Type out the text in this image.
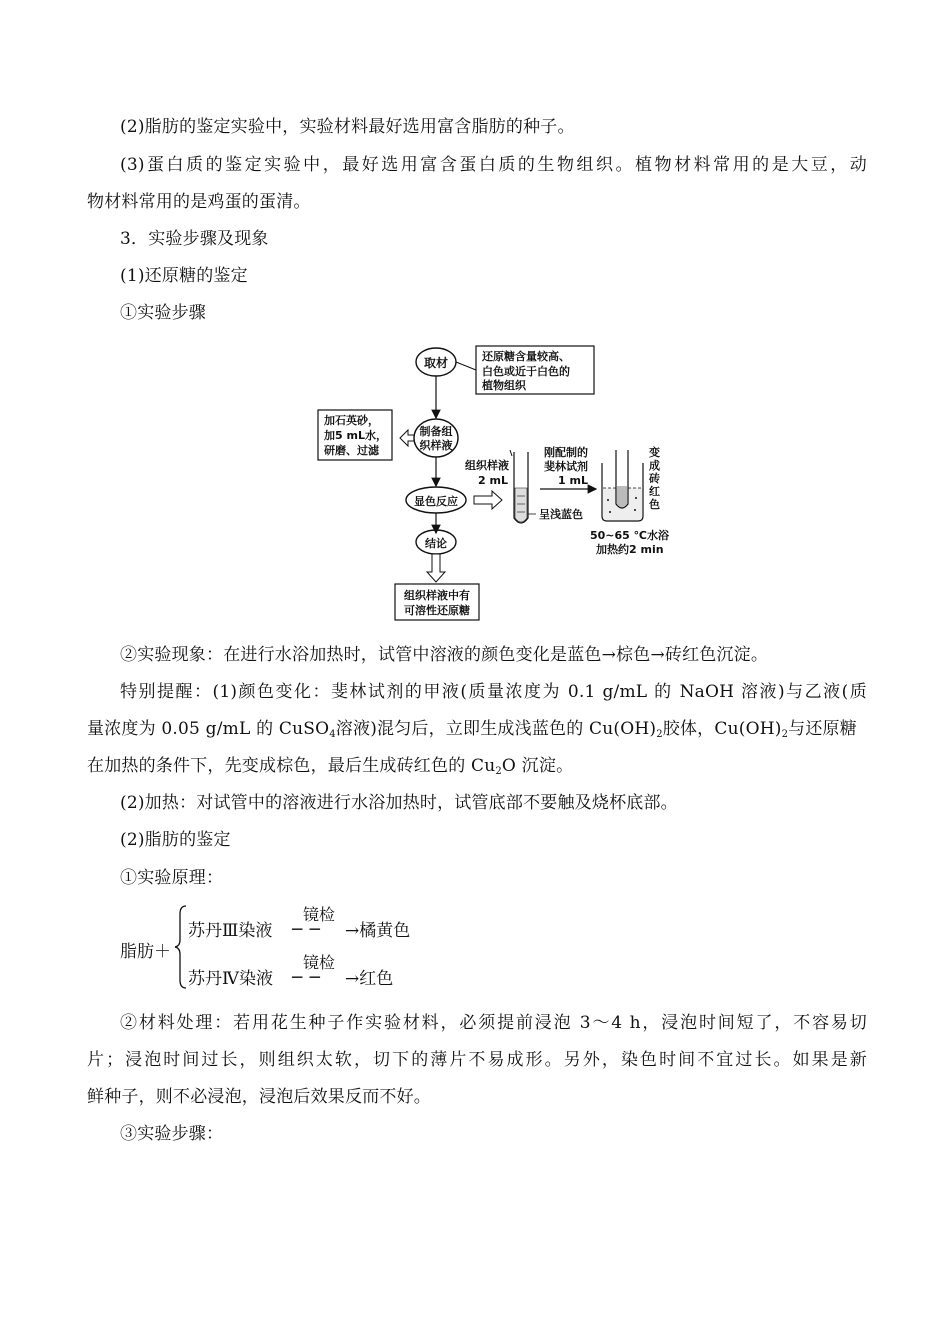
(2)脂肪的鉴定实验中，实验材料最好选用富含脂肪的种子。
(3)蛋白质的鉴定实验中，最好选用富含蛋白质的生物组织。植物材料常用的是大豆，动
物材料常用的是鸡蛋的蛋清。
3．实验步骤及现象
(1)还原糖的鉴定
①实验步骤
取材	还原糖含量较高、
白色或近于白色的
植物组织
加石英砂，
加5 mL水，
研磨、过滤
制备组
织样液
显色反应
结论
组织样液中有
可溶性还原糖
组织样液
2 mL
呈浅蓝色
刚配制的
斐林试剂
1 mL
变
成
砖
红
色
50~65 ℃水浴
加热约2 min
②实验现象：在进行水浴加热时，试管中溶液的颜色变化是蓝色→棕色→砖红色沉淀。
特别提醒：(1)颜色变化：斐林试剂的甲液(质量浓度为 0.1 g/mL 的 NaOH 溶液)与乙液(质
量浓度为 0.05 g/mL 的 CuSO$_4$溶液)混匀后，立即生成浅蓝色的 $Cu(OH)_2$胶体，$Cu(OH)_2$与还原糖
在加热的条件下，先变成棕色，最后生成砖红色的 $Cu_2O$ 沉淀。
(2)加热：对试管中的溶液进行水浴加热时，试管底部不要触及烧杯底部。
(2)脂肪的鉴定
①实验原理：
脂肪＋
苏丹Ⅲ染液
镜检
─ ─ →橘黄色
苏丹Ⅳ染液
镜检
─ ─ →红色
②材料处理：若用花生种子作实验材料，必须提前浸泡 3～4 h，浸泡时间短了，不容易切
片；浸泡时间过长，则组织太软，切下的薄片不易成形。另外，染色时间不宜过长。如果是新
鲜种子，则不必浸泡，浸泡后效果反而不好。
③实验步骤：
